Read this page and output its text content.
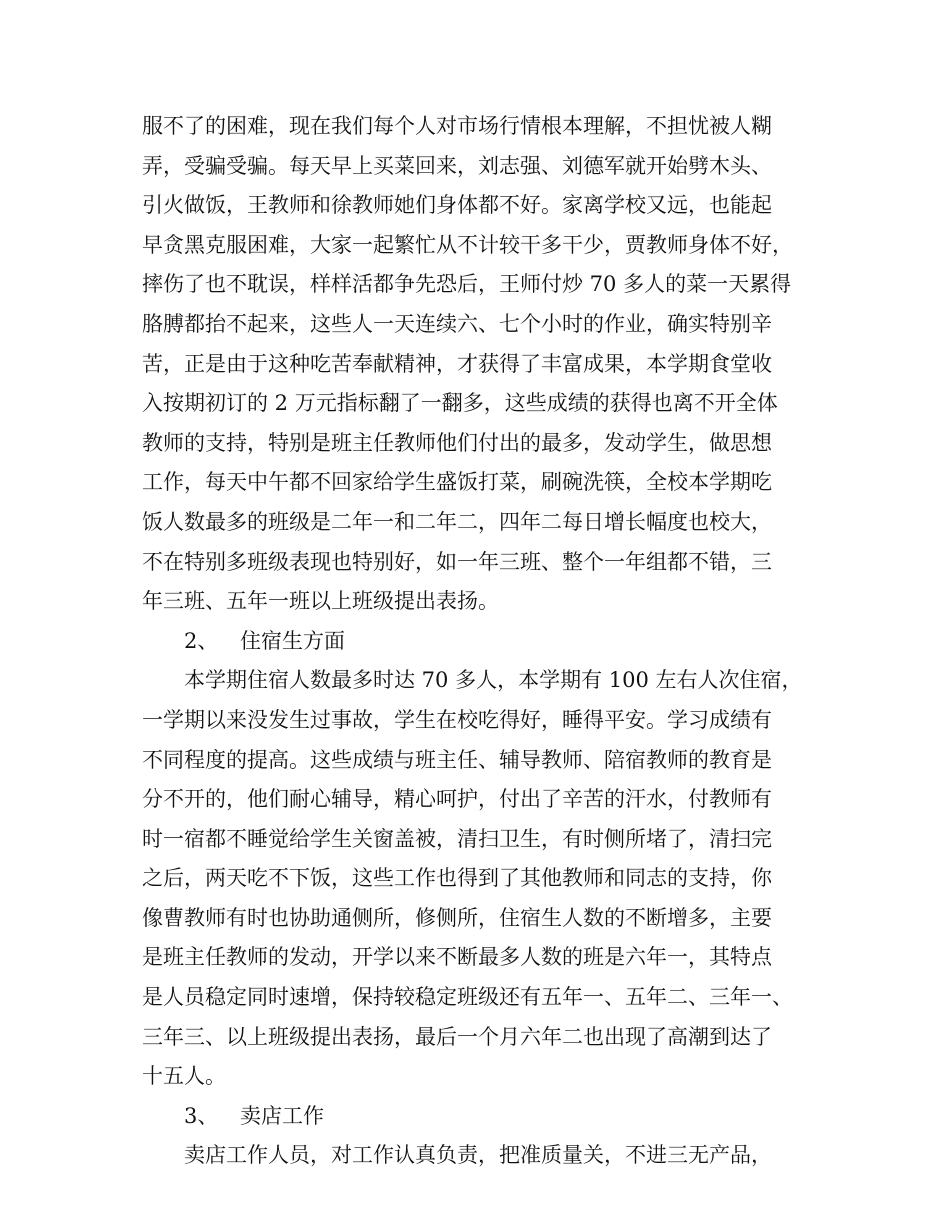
服不了的困难，现在我们每个人对市场行情根本理解，不担忧被人糊
弄，受骗受骗。每天早上买菜回来，刘志强、刘德军就开始劈木头、
引火做饭，王教师和徐教师她们身体都不好。家离学校又远，也能起
早贪黑克服困难，大家一起繁忙从不计较干多干少，贾教师身体不好，
摔伤了也不耽误，样样活都争先恐后，王师付炒 70 多人的菜一天累得
胳膊都抬不起来，这些人一天连续六、七个小时的作业，确实特别辛
苦，正是由于这种吃苦奉献精神，才获得了丰富成果，本学期食堂收
入按期初订的 2 万元指标翻了一翻多，这些成绩的获得也离不开全体
教师的支持，特别是班主任教师他们付出的最多，发动学生，做思想
工作，每天中午都不回家给学生盛饭打菜，刷碗洗筷，全校本学期吃
饭人数最多的班级是二年一和二年二，四年二每日增长幅度也校大，
不在特别多班级表现也特别好，如一年三班、整个一年组都不错，三
年三班、五年一班以上班级提出表扬。
2、 住宿生方面
本学期住宿人数最多时达 70 多人，本学期有 100 左右人次住宿，
一学期以来没发生过事故，学生在校吃得好，睡得平安。学习成绩有
不同程度的提高。这些成绩与班主任、辅导教师、陪宿教师的教育是
分不开的，他们耐心辅导，精心呵护，付出了辛苦的汗水，付教师有
时一宿都不睡觉给学生关窗盖被，清扫卫生，有时侧所堵了，清扫完
之后，两天吃不下饭，这些工作也得到了其他教师和同志的支持，你
像曹教师有时也协助通侧所，修侧所，住宿生人数的不断增多，主要
是班主任教师的发动，开学以来不断最多人数的班是六年一，其特点
是人员稳定同时速增，保持较稳定班级还有五年一、五年二、三年一、
三年三、以上班级提出表扬，最后一个月六年二也出现了高潮到达了
十五人。
3、 卖店工作
卖店工作人员，对工作认真负责，把准质量关，不进三无产品，
